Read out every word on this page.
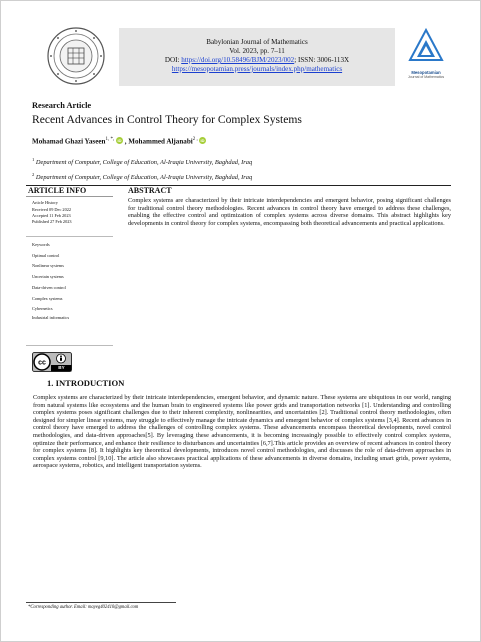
Babylonian Journal of Mathematics
Vol. 2023, pp. 7–11
DOI: https://doi.org/10.58496/BJM/2023/002; ISSN: 3006-113X
https://mesopotamian.press/journals/index.php/mathematics	Mesopotamian
Journal of Mathematics
Research Article
Recent Advances in Control Theory for Complex Systems
Mohamad Ghazi Yaseen$^{1, *,}$ iD , Mohammed Aljanabi$^{2 ,}$ iD
$^1$ Department of Computer, College of Education, Al-Iraqia University, Baghdad, Iraq
$^2$ Department of Computer, College of Education, Al-Iraqia University, Baghdad, Iraq
ARTICLE INFO	ABSTRACT
Article History
Received 09 Dec 2022
Accepted 11 Feb 2023
Published 27 Feb 2023
Keywords
Optimal control
Nonlinear systems
Uncertain systems
Data-driven control
Complex systems
Cybernetics
Industrial informatics
Complex systems are characterized by their intricate interdependencies and emergent behavior, posing significant challenges for traditional control theory methodologies. Recent advances in control theory have emerged to address these challenges, enabling the effective control and optimization of complex systems across diverse domains. This abstract highlights key developments in control theory for complex systems, encompassing both theoretical advancements and practical applications.
cc
BY
1. INTRODUCTION
Complex systems are characterized by their intricate interdependencies, emergent behavior, and dynamic nature. These systems are ubiquitous in our world, ranging from natural systems like ecosystems and the human brain to engineered systems like power grids and transportation networks [1]. Understanding and controlling complex systems poses significant challenges due to their inherent complexity, nonlinearities, and uncertainties [2]. Traditional control theory methodologies, often designed for simpler linear systems, may struggle to effectively manage the intricate dynamics and emergent behavior of complex systems [3,4]. Recent advances in control theory have emerged to address the challenges of controlling complex systems. These advancements encompass theoretical developments, novel control methodologies, and data-driven approaches[5]. By leveraging these advancements, it is becoming increasingly possible to effectively control complex systems, optimize their performance, and enhance their resilience to disturbances and uncertainties [6,7].This article provides an overview of recent advances in control theory for complex systems [8]. It highlights key theoretical developments, introduces novel control methodologies, and discusses the role of data-driven approaches in complex systems control [9,10]. The article also showcases practical applications of these advancements in diverse domains, including smart grids, power systems, aerospace systems, robotics, and intelligent transportation systems.
*Corresponding author. Email: mayeg402410@gmail.com
